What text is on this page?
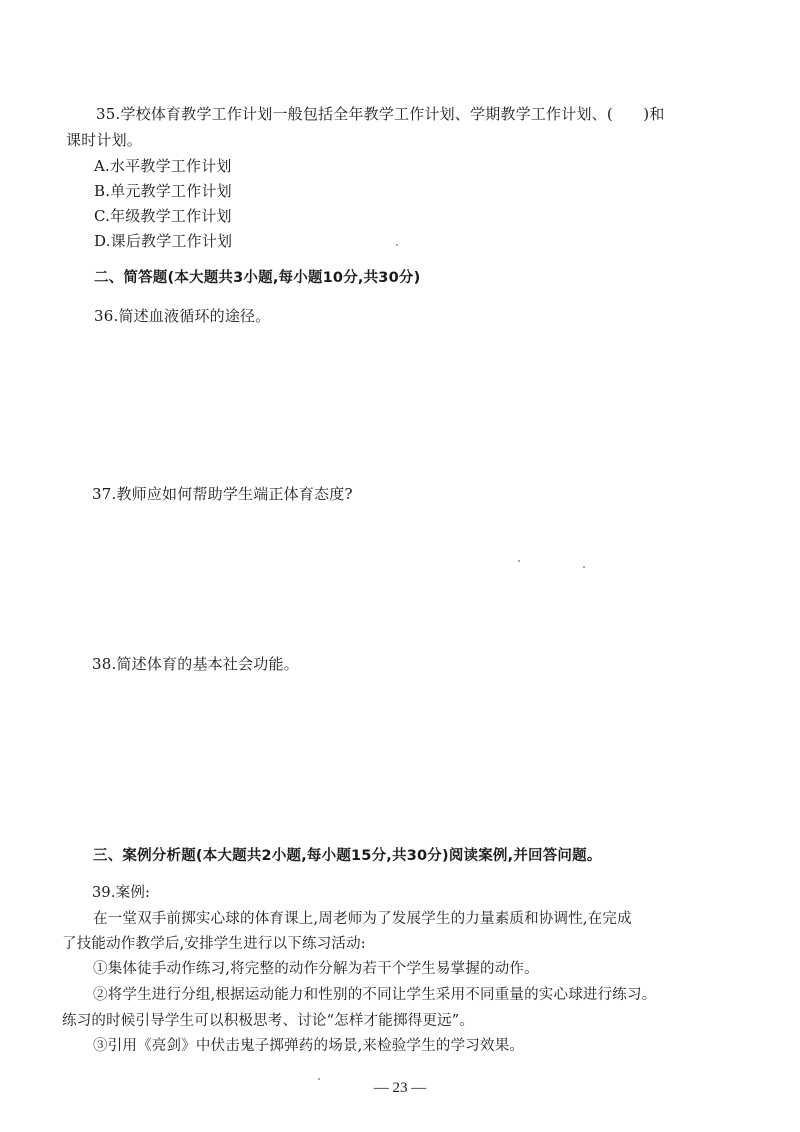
35.学校体育教学工作计划一般包括全年教学工作计划、学期教学工作计划、(　　)和
课时计划。
A.水平教学工作计划
B.单元教学工作计划
C.年级教学工作计划
D.课后教学工作计划
二、简答题(本大题共3小题,每小题10分,共30分)
36.简述血液循环的途径。
37.教师应如何帮助学生端正体育态度?
38.简述体育的基本社会功能。
三、案例分析题(本大题共2小题,每小题15分,共30分)阅读案例,并回答问题。
39.案例:
在一堂双手前掷实心球的体育课上,周老师为了发展学生的力量素质和协调性,在完成
了技能动作教学后,安排学生进行以下练习活动:
①集体徒手动作练习,将完整的动作分解为若干个学生易掌握的动作。
②将学生进行分组,根据运动能力和性别的不同让学生采用不同重量的实心球进行练习。
练习的时候引导学生可以积极思考、讨论“怎样才能掷得更远”。
③引用《亮剑》中伏击鬼子掷弹药的场景,来检验学生的学习效果。
— 23 —
